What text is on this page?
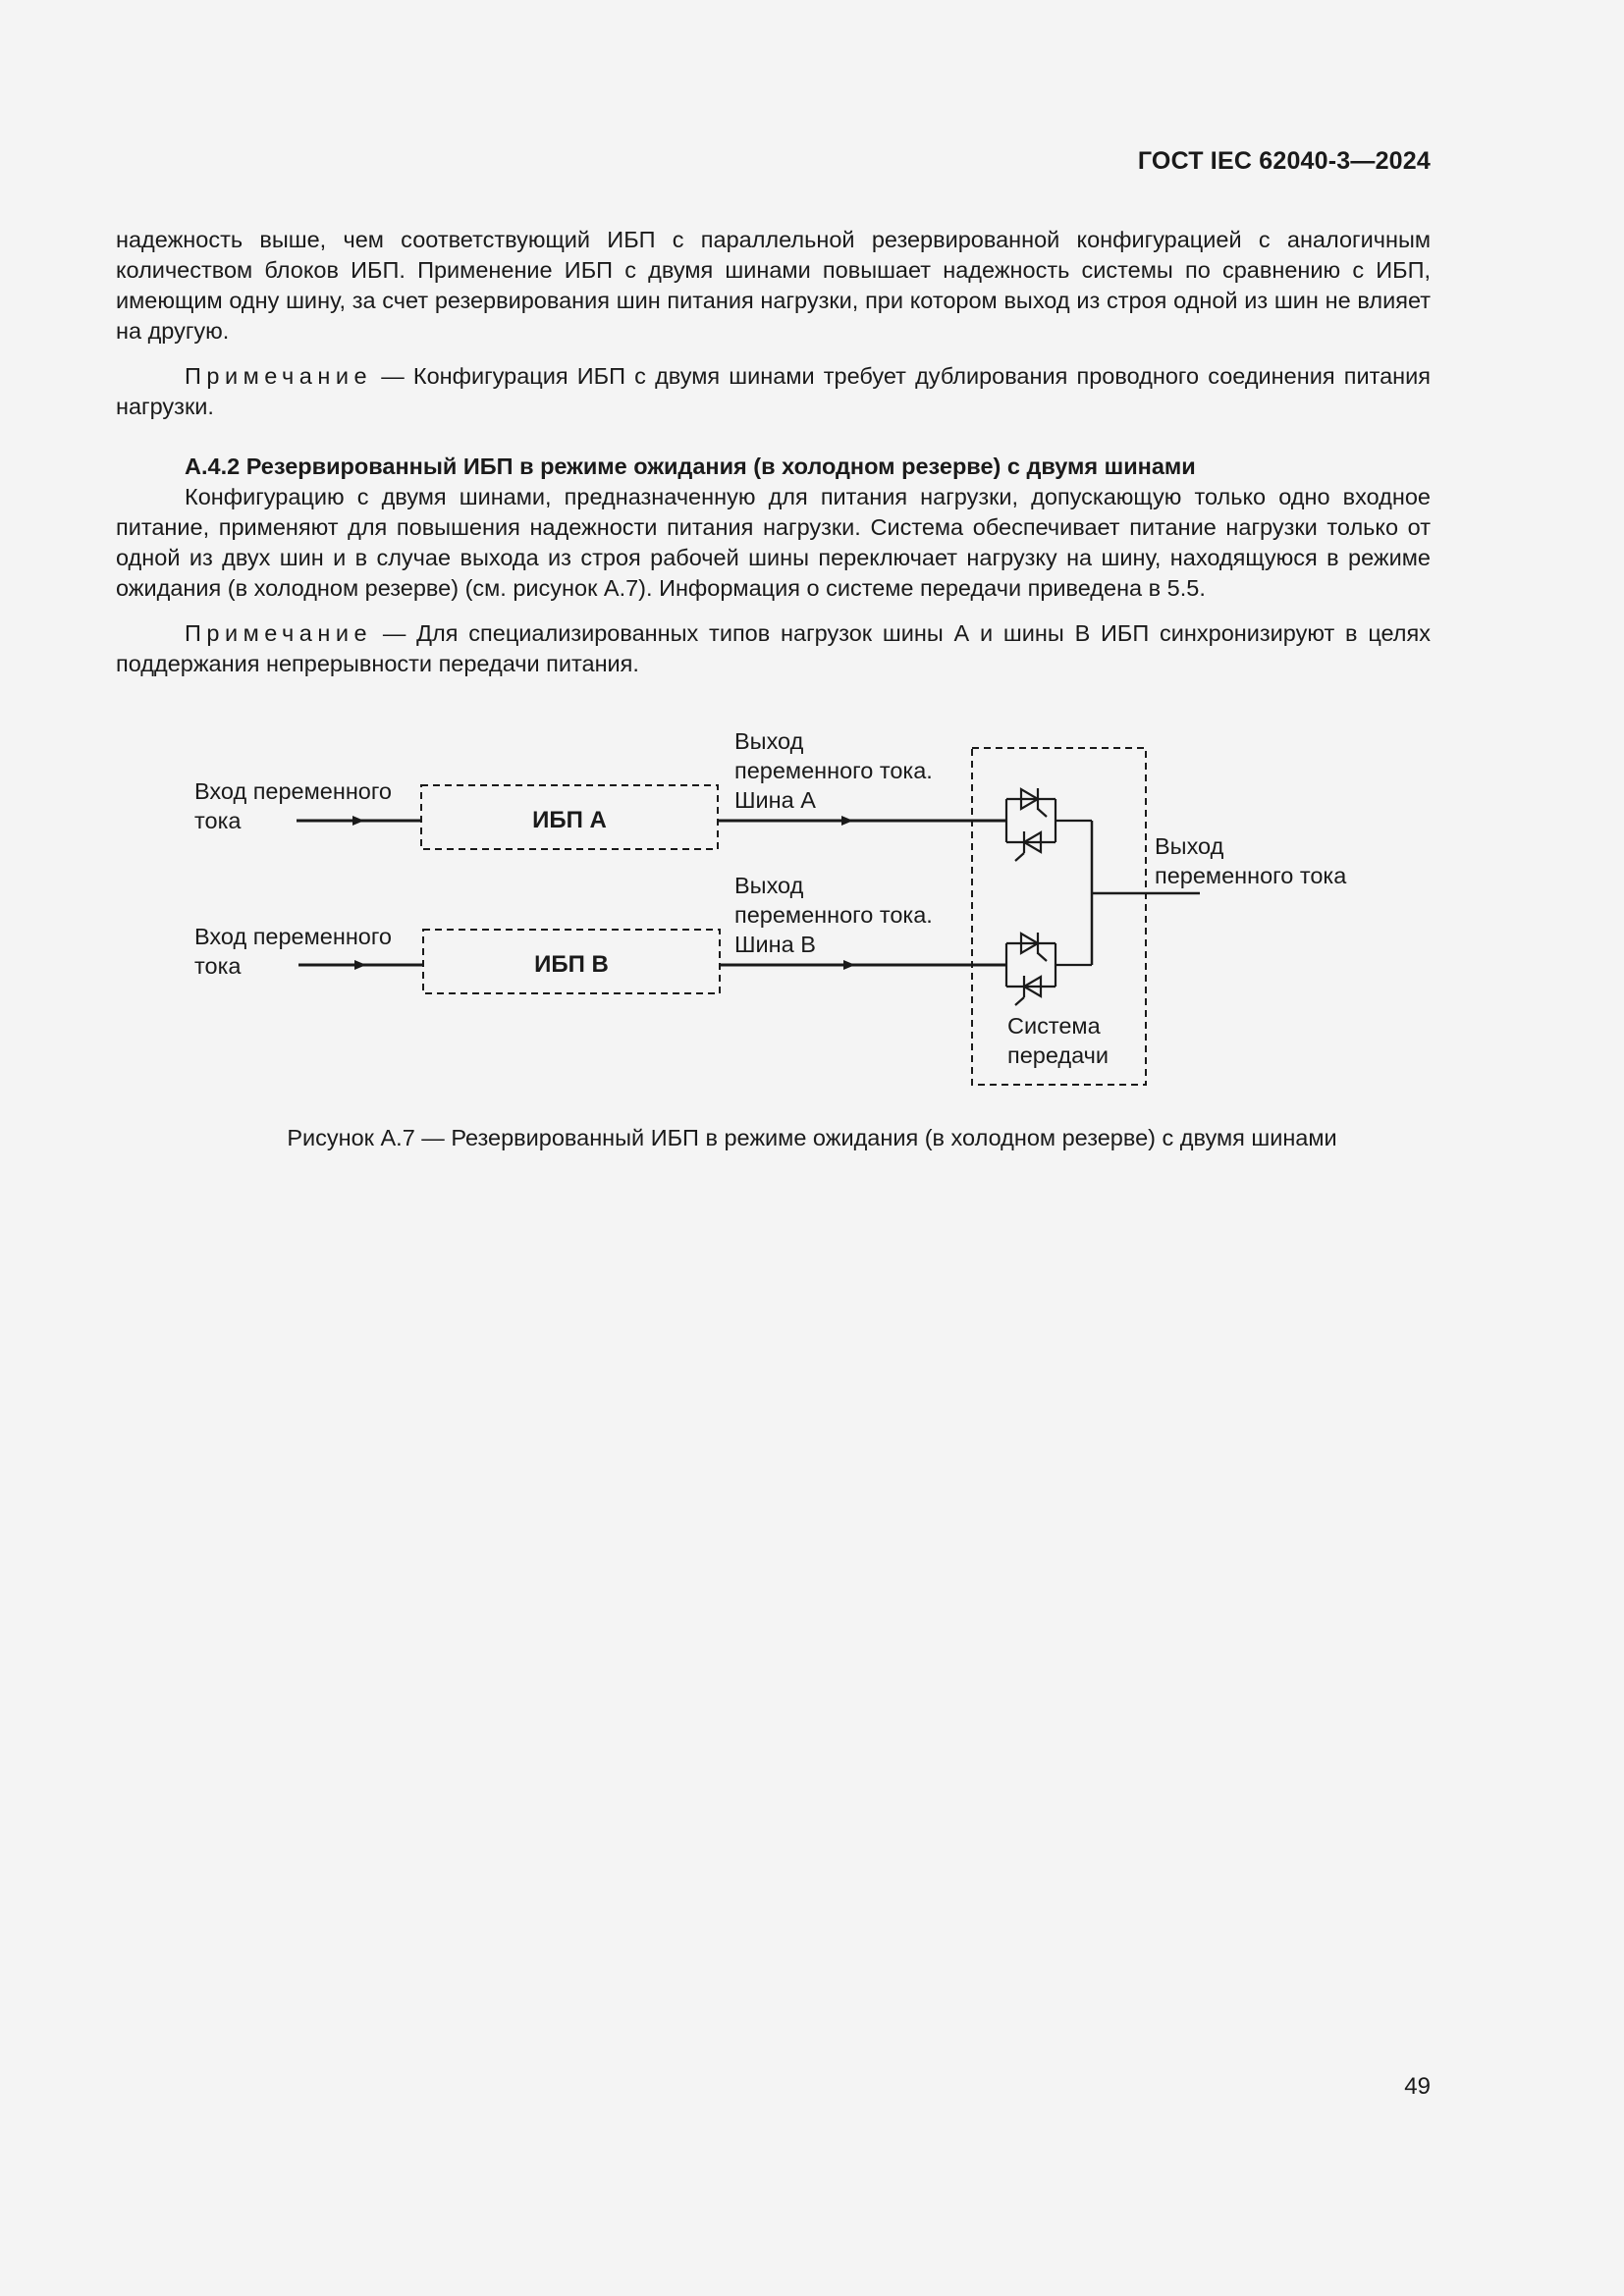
ГОСТ IEC 62040-3—2024

надежность выше, чем соответствующий ИБП с параллельной резервированной конфигурацией с аналогичным количеством блоков ИБП. Применение ИБП с двумя шинами повышает надежность системы по сравнению с ИБП, имеющим одну шину, за счет резервирования шин питания нагрузки, при котором выход из строя одной из шин не влияет на другую.

Примечание — Конфигурация ИБП с двумя шинами требует дублирования проводного соединения питания нагрузки.

А.4.2 Резервированный ИБП в режиме ожидания (в холодном резерве) с двумя шинами

Конфигурацию с двумя шинами, предназначенную для питания нагрузки, допускающую только одно входное питание, применяют для повышения надежности питания нагрузки. Система обеспечивает питание нагрузки только от одной из двух шин и в случае выхода из строя рабочей шины переключает нагрузку на шину, находящуюся в режиме ожидания (в холодном резерве) (см. рисунок А.7). Информация о системе передачи приведена в 5.5.

Примечание — Для специализированных типов нагрузок шины А и шины В ИБП синхронизируют в целях поддержания непрерывности передачи питания.

Вход переменного
тока	ИБП А
Выход
переменного тока.
Шина А
Вход переменного
тока	ИБП В
Выход
переменного тока.
Шина В
Выход
переменного тока
Система
передачи
Рисунок А.7 — Резервированный ИБП в режиме ожидания (в холодном резерве) с двумя шинами
49
